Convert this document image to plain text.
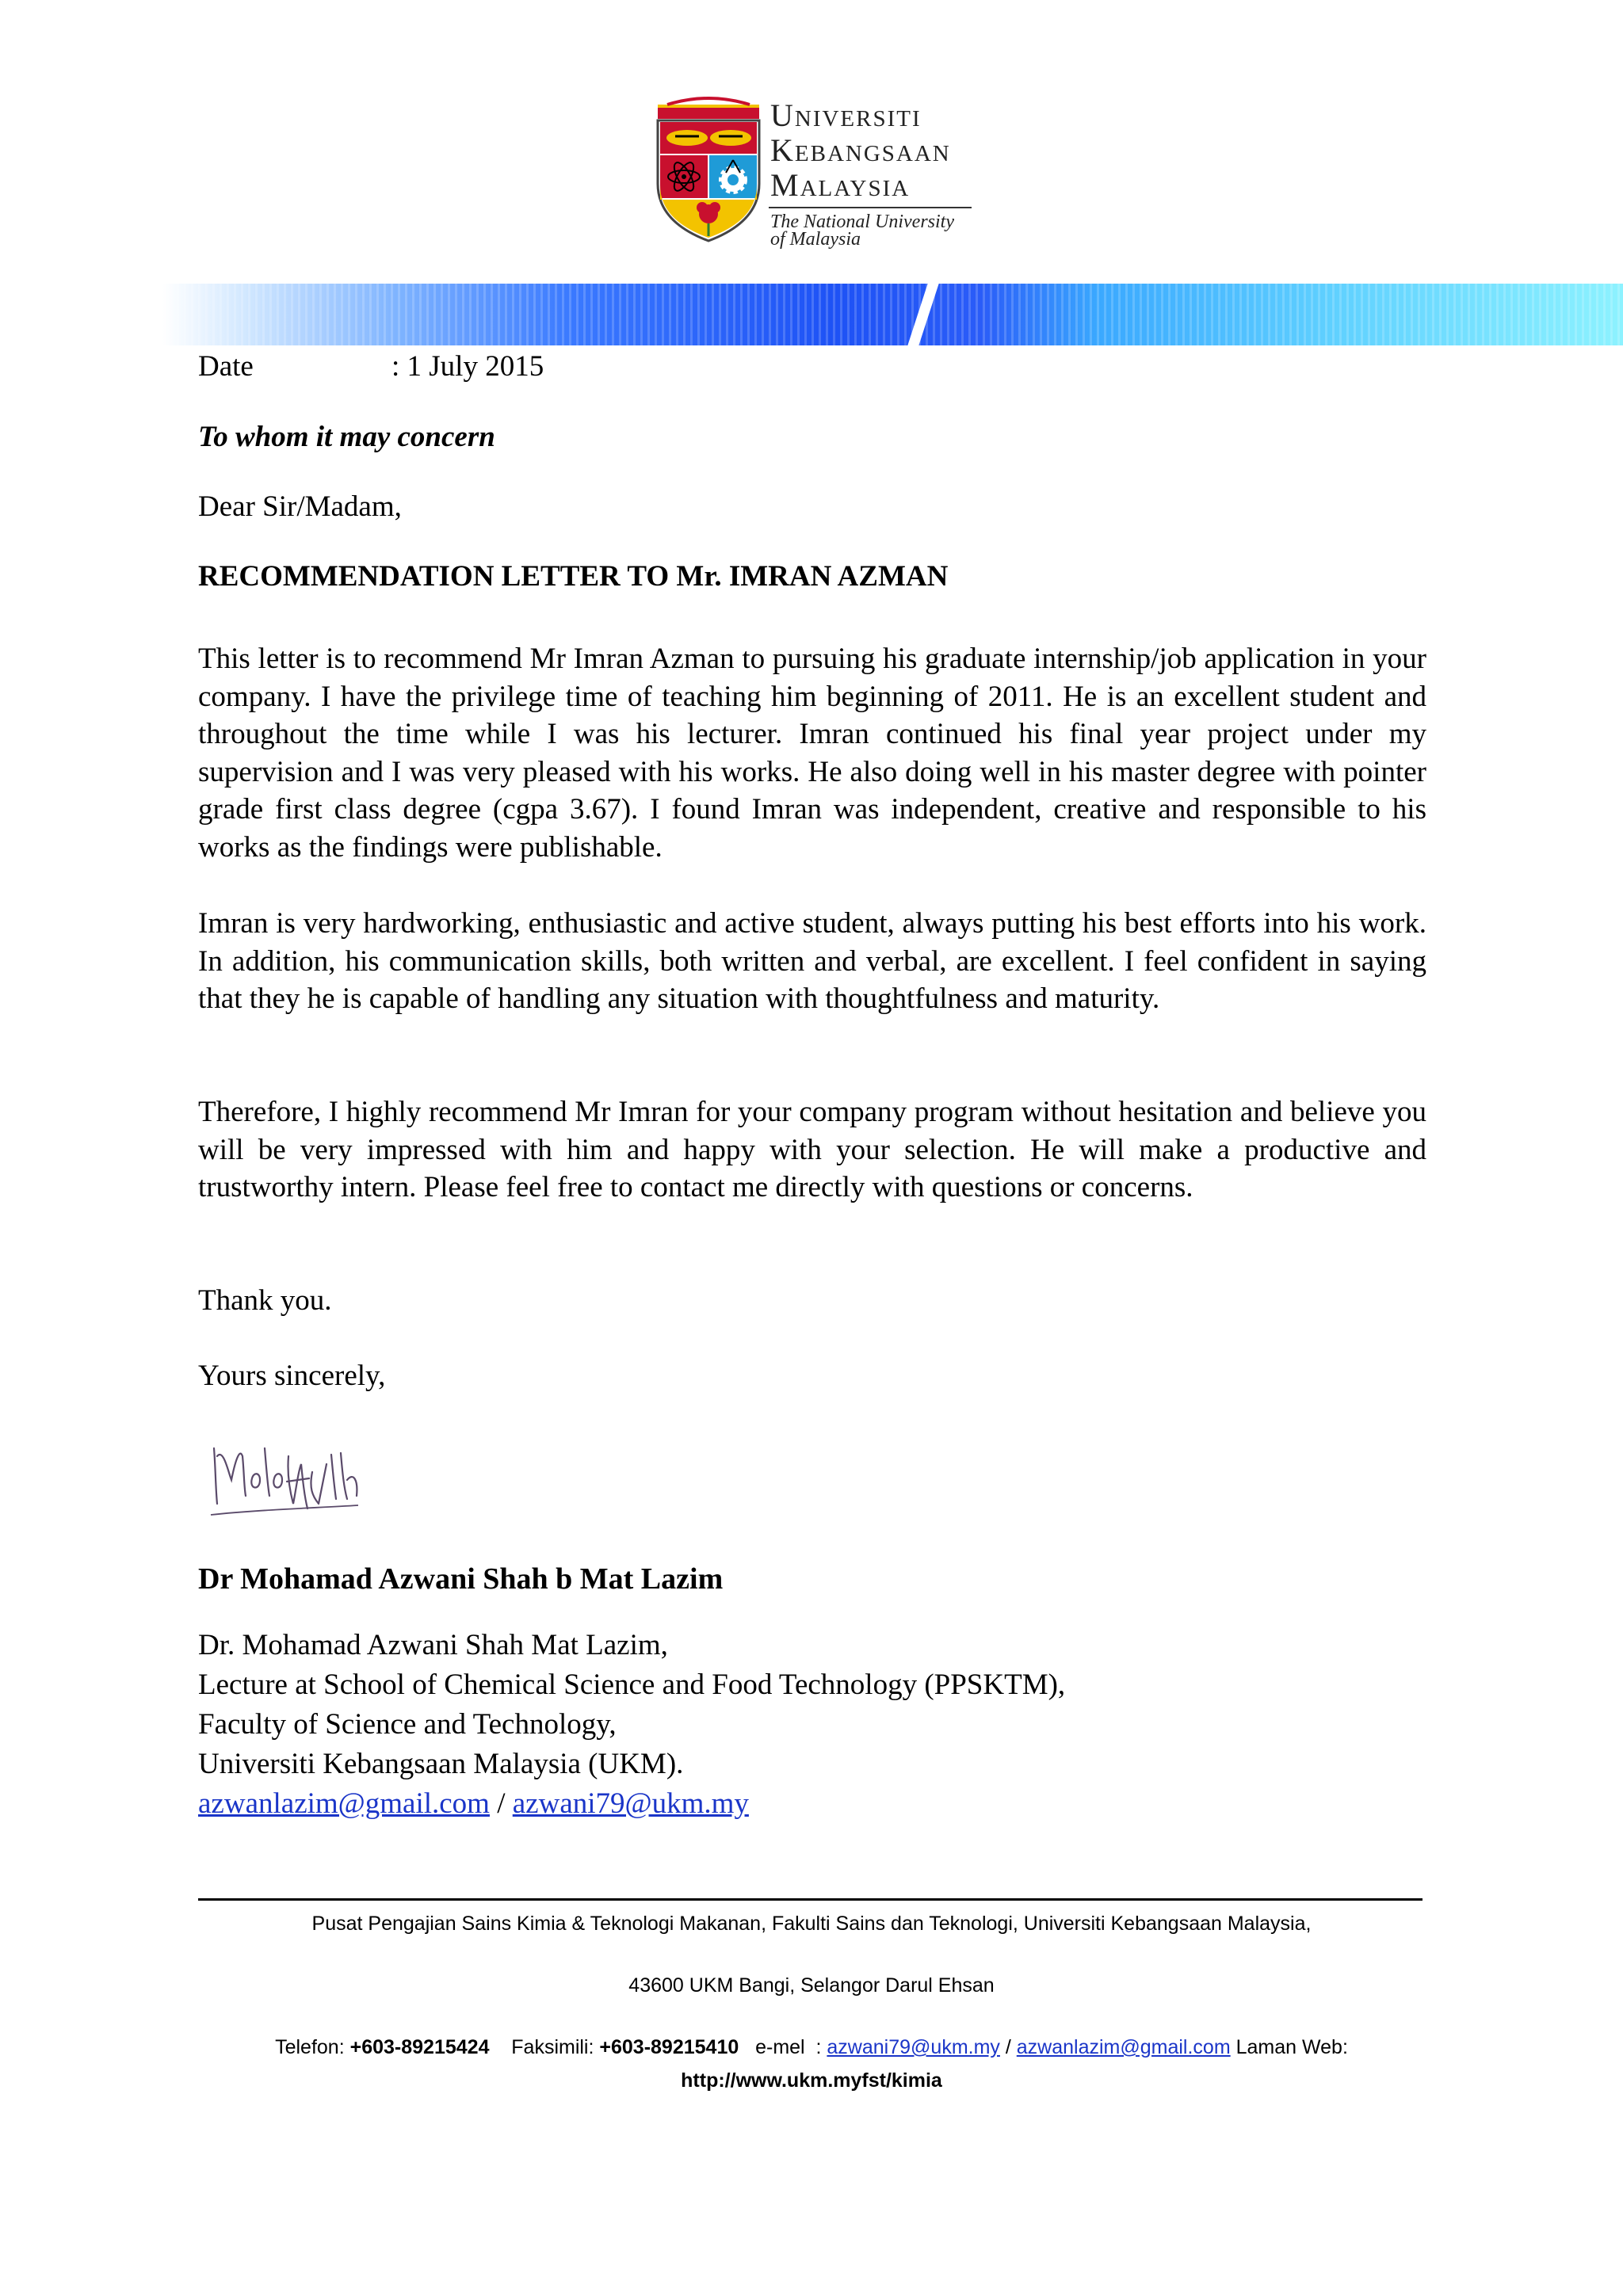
UNIVERSITI
KEBANGSAAN
MALAYSIA
The National University
of Malaysia
Date	: 1 July 2015
To whom it may concern
Dear Sir/Madam,
RECOMMENDATION LETTER TO Mr. IMRAN AZMAN
This letter is to recommend Mr Imran Azman to pursuing his graduate internship/job application in your company. I have the privilege time of teaching him beginning of 2011. He is an excellent student and throughout the time while I was his lecturer. Imran continued his final year project under my supervision and I was very pleased with his works. He also doing well in his master degree with pointer grade first class degree (cgpa 3.67). I found Imran was independent, creative and responsible to his works as the findings were publishable.
Imran is very hardworking, enthusiastic and active student, always putting his best efforts into his work. In addition, his communication skills, both written and verbal, are excellent. I feel confident in saying that they he is capable of handling any situation with thoughtfulness and maturity.
Therefore, I highly recommend Mr Imran for your company program without hesitation and believe you will be very impressed with him and happy with your selection. He will make a productive and trustworthy intern. Please feel free to contact me directly with questions or concerns.
Thank you.
Yours sincerely,
Dr Mohamad Azwani Shah b Mat Lazim
Dr. Mohamad Azwani Shah Mat Lazim,
Lecture at School of Chemical Science and Food Technology (PPSKTM),
Faculty of Science and Technology,
Universiti Kebangsaan Malaysia (UKM).
azwanlazim@gmail.com / azwani79@ukm.my
Pusat Pengajian Sains Kimia & Teknologi Makanan, Fakulti Sains dan Teknologi, Universiti Kebangsaan Malaysia,
43600 UKM Bangi, Selangor Darul Ehsan
Telefon: +603-89215424    Faksimili: +603-89215410   e-mel  : azwani79@ukm.my / azwanlazim@gmail.com Laman Web:
http://www.ukm.myfst/kimia
